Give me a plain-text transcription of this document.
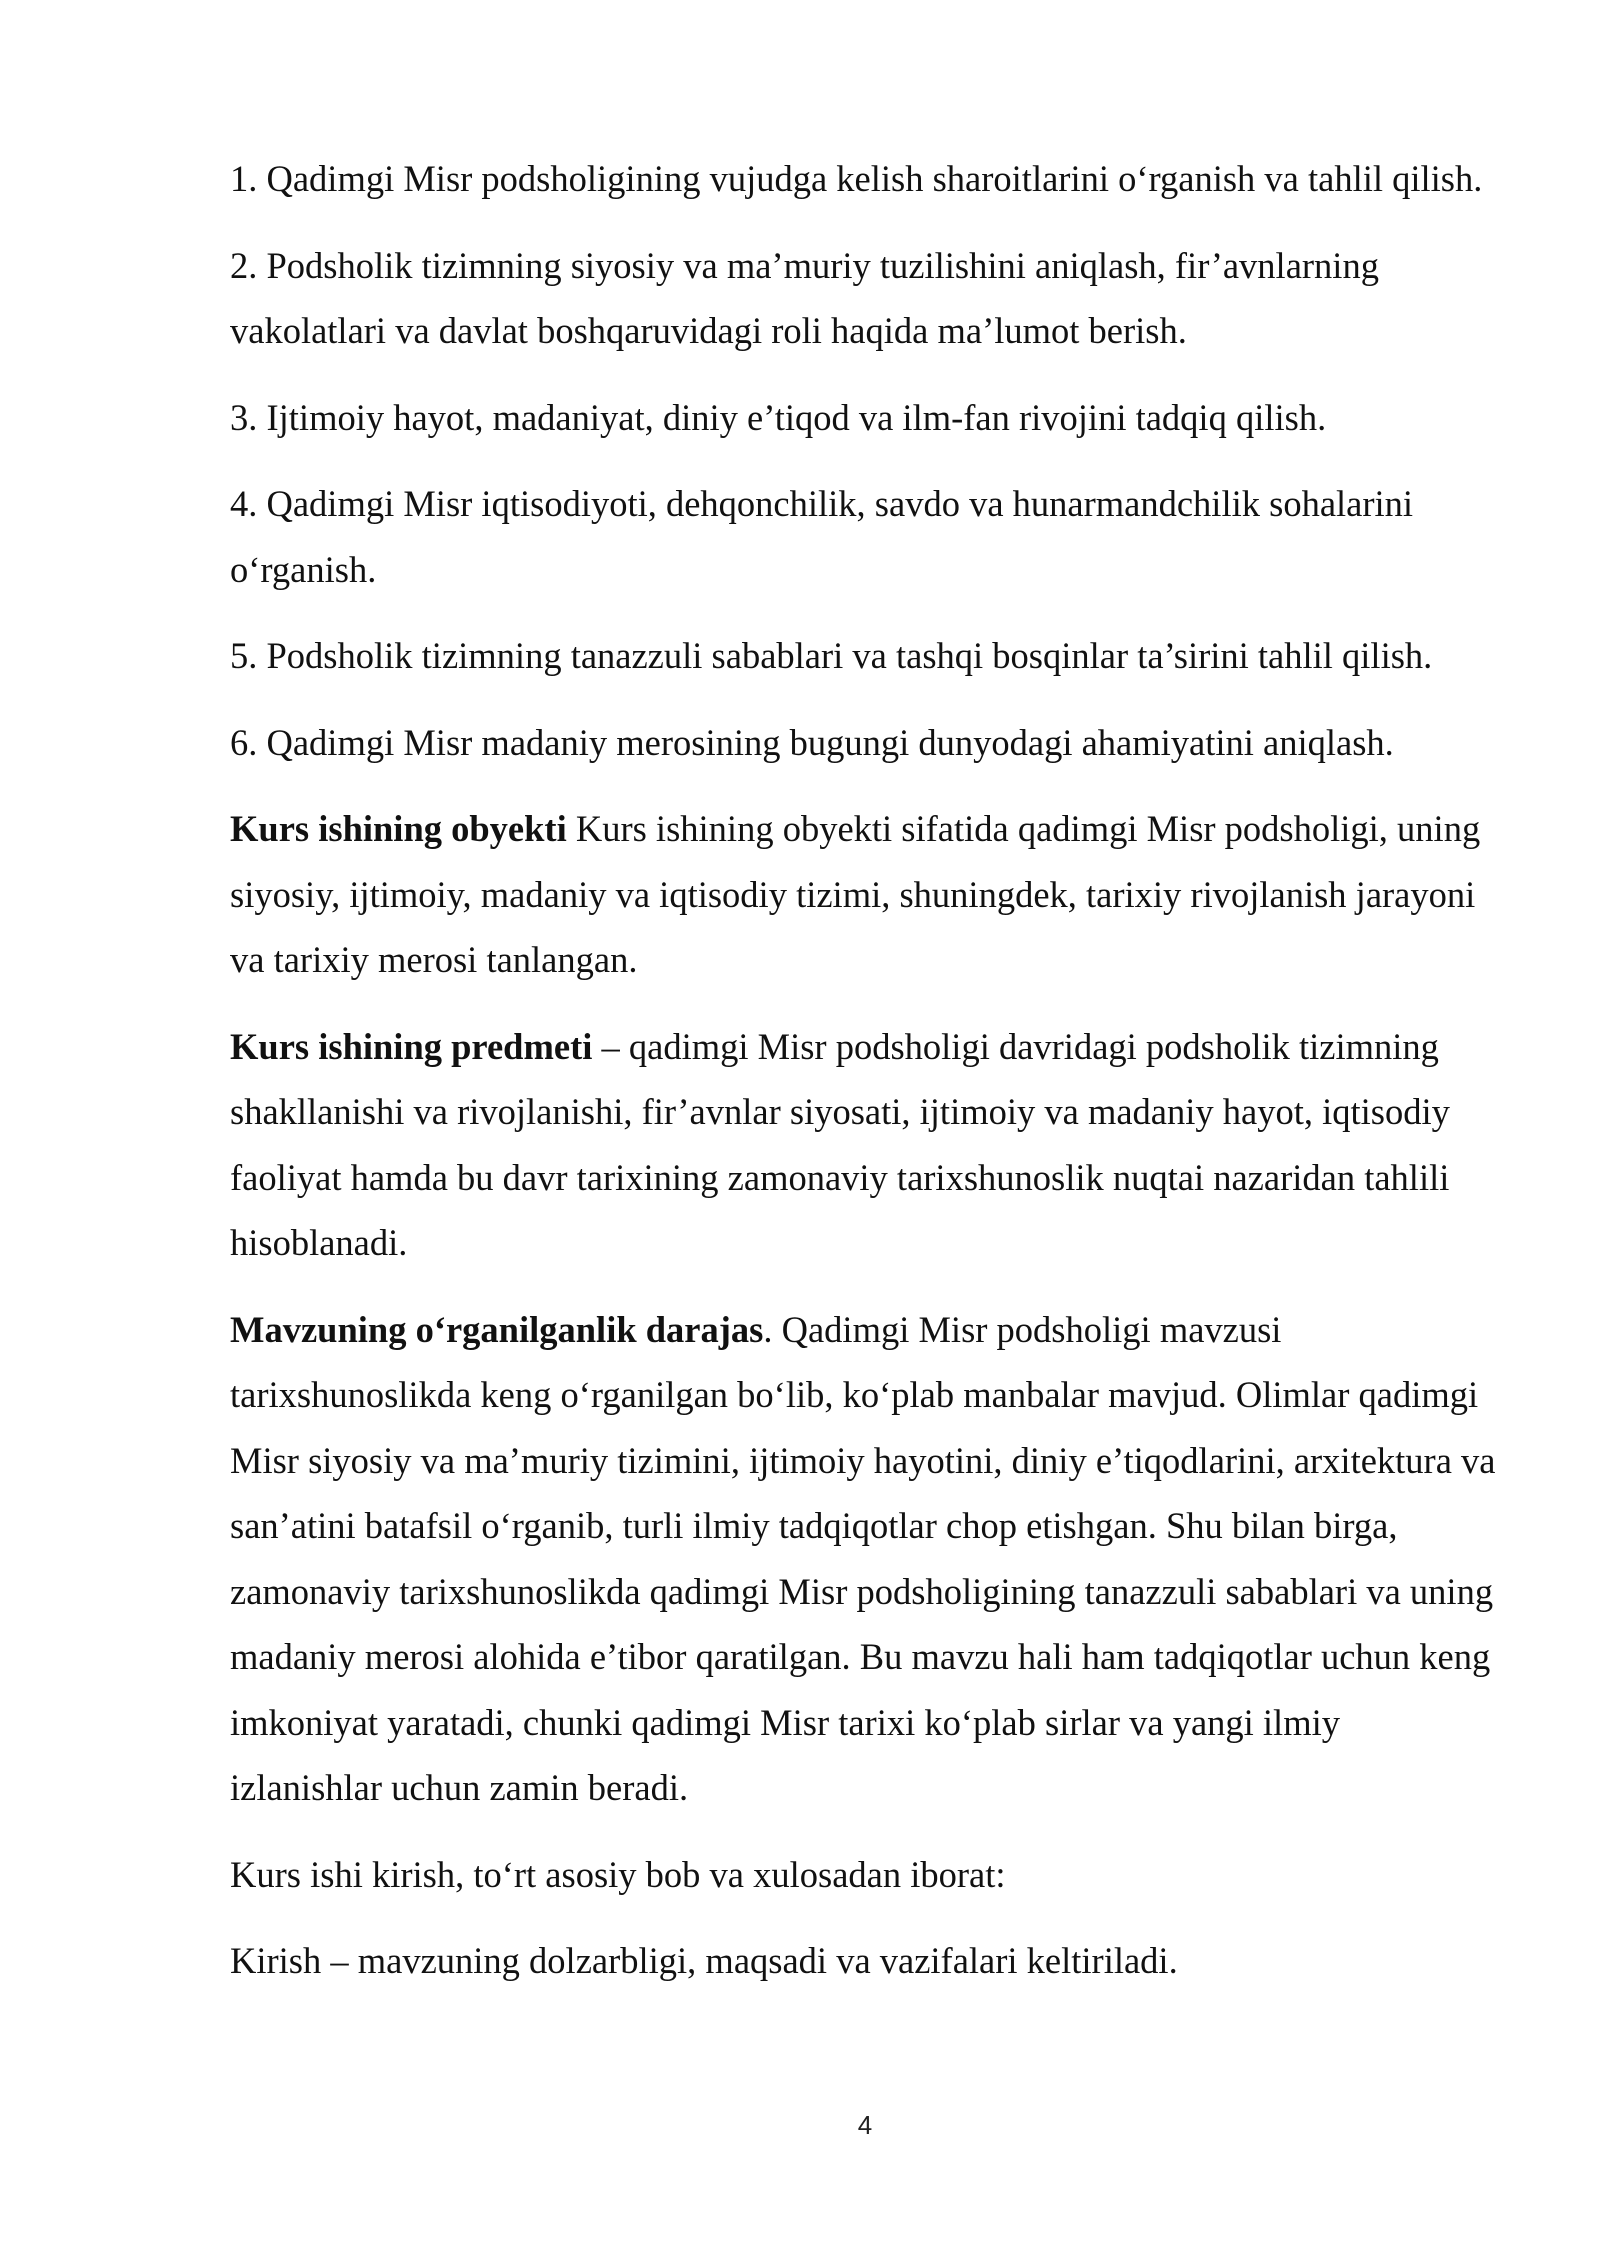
1. Qadimgi Misr podsholigining vujudga kelish sharoitlarini o‘rganish va tahlil qilish.

2. Podsholik tizimning siyosiy va ma’muriy tuzilishini aniqlash, fir’avnlarning vakolatlari va davlat boshqaruvidagi roli haqida ma’lumot berish.

3. Ijtimoiy hayot, madaniyat, diniy e’tiqod va ilm-fan rivojini tadqiq qilish.

4. Qadimgi Misr iqtisodiyoti, dehqonchilik, savdo va hunarmandchilik sohalarini o‘rganish.

5. Podsholik tizimning tanazzuli sabablari va tashqi bosqinlar ta’sirini tahlil qilish.

6. Qadimgi Misr madaniy merosining bugungi dunyodagi ahamiyatini aniqlash.

Kurs ishining obyekti Kurs ishining obyekti sifatida qadimgi Misr podsholigi, uning siyosiy, ijtimoiy, madaniy va iqtisodiy tizimi, shuningdek, tarixiy rivojlanish jarayoni va tarixiy merosi tanlangan.

Kurs ishining predmeti – qadimgi Misr podsholigi davridagi podsholik tizimning shakllanishi va rivojlanishi, fir’avnlar siyosati, ijtimoiy va madaniy hayot, iqtisodiy faoliyat hamda bu davr tarixining zamonaviy tarixshunoslik nuqtai nazaridan tahlili hisoblanadi.

Mavzuning o‘rganilganlik darajas. Qadimgi Misr podsholigi mavzusi tarixshunoslikda keng o‘rganilgan bo‘lib, ko‘plab manbalar mavjud. Olimlar qadimgi Misr siyosiy va ma’muriy tizimini, ijtimoiy hayotini, diniy e’tiqodlarini, arxitektura va san’atini batafsil o‘rganib, turli ilmiy tadqiqotlar chop etishgan. Shu bilan birga, zamonaviy tarixshunoslikda qadimgi Misr podsholigining tanazzuli sabablari va uning madaniy merosi alohida e’tibor qaratilgan. Bu mavzu hali ham tadqiqotlar uchun keng imkoniyat yaratadi, chunki qadimgi Misr tarixi ko‘plab sirlar va yangi ilmiy izlanishlar uchun zamin beradi.

Kurs ishi kirish, to‘rt asosiy bob va xulosadan iborat:

Kirish – mavzuning dolzarbligi, maqsadi va vazifalari keltiriladi.

4
